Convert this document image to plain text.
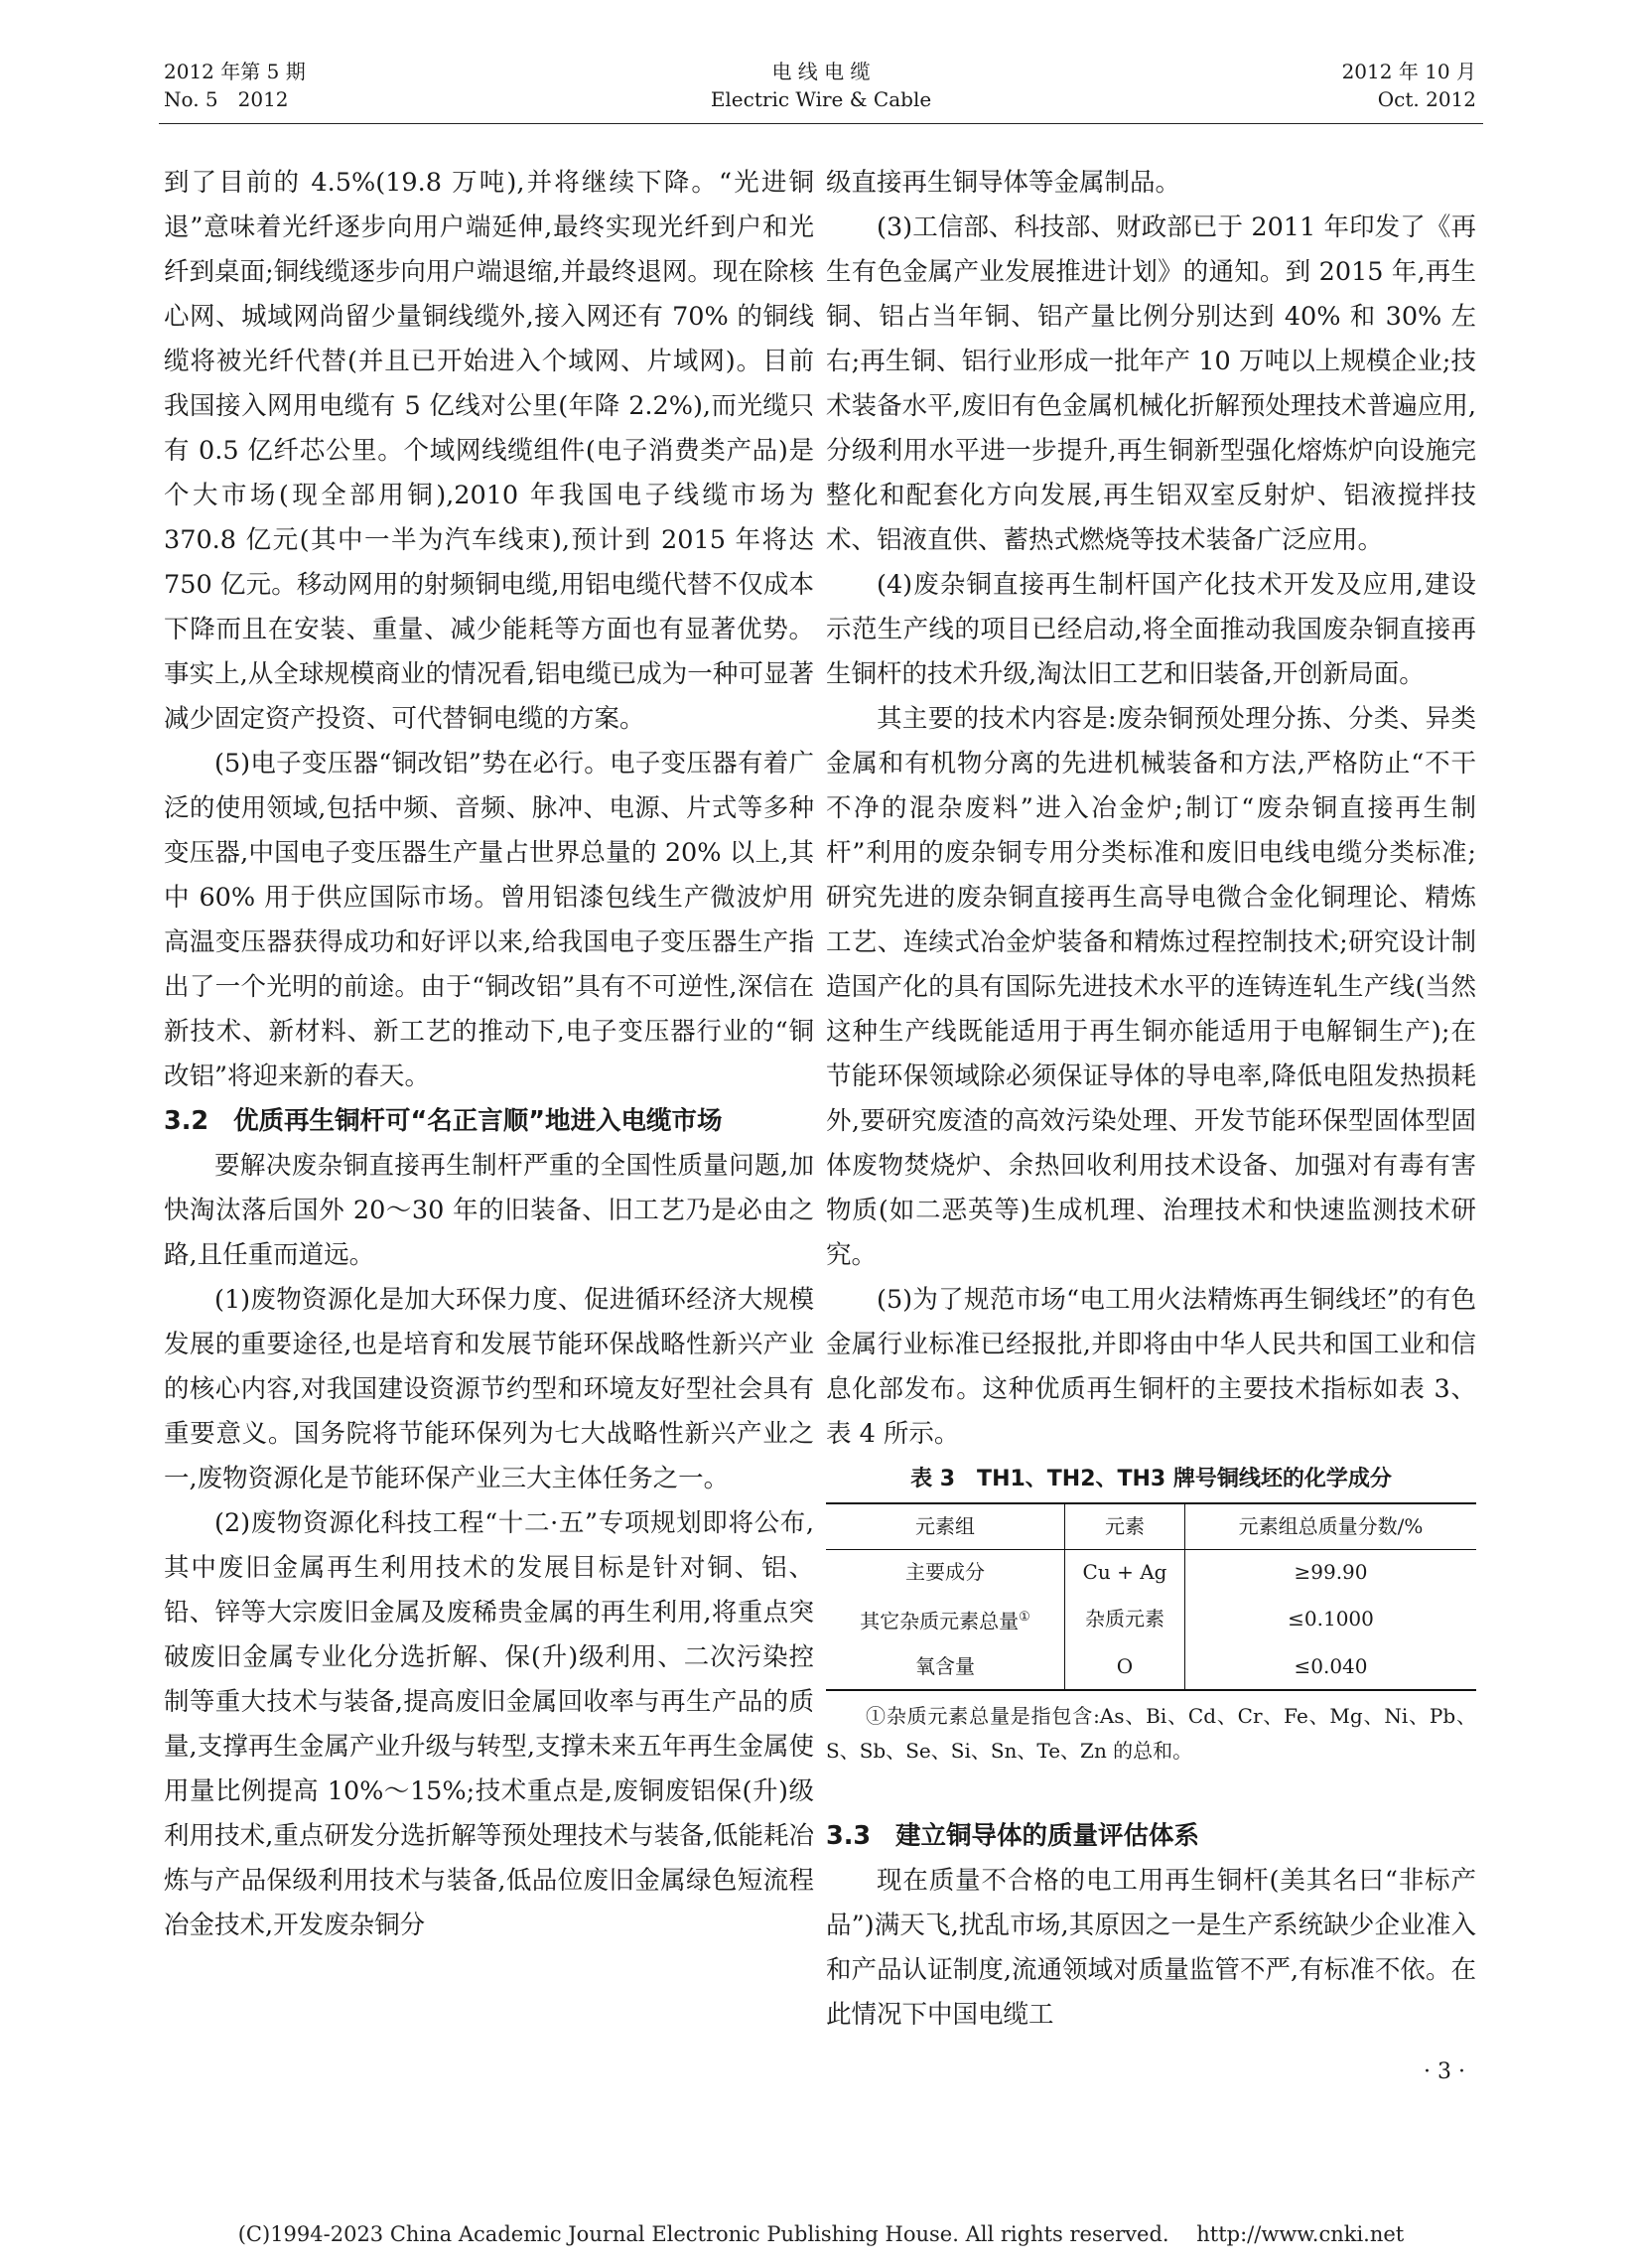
2012 年第 5 期
No. 5　2012
电 线 电 缆
Electric Wire & Cable
2012 年 10 月
Oct. 2012

到了目前的 4.5%(19.8 万吨),并将继续下降。“光进铜退”意味着光纤逐步向用户端延伸,最终实现光纤到户和光纤到桌面;铜线缆逐步向用户端退缩,并最终退网。现在除核心网、城域网尚留少量铜线缆外,接入网还有 70% 的铜线缆将被光纤代替(并且已开始进入个域网、片域网)。目前我国接入网用电缆有 5 亿线对公里(年降 2.2%),而光缆只有 0.5 亿纤芯公里。个域网线缆组件(电子消费类产品)是个大市场(现全部用铜),2010 年我国电子线缆市场为 370.8 亿元(其中一半为汽车线束),预计到 2015 年将达 750 亿元。移动网用的射频铜电缆,用铝电缆代替不仅成本下降而且在安装、重量、减少能耗等方面也有显著优势。事实上,从全球规模商业的情况看,铝电缆已成为一种可显著减少固定资产投资、可代替铜电缆的方案。

(5)电子变压器“铜改铝”势在必行。电子变压器有着广泛的使用领域,包括中频、音频、脉冲、电源、片式等多种变压器,中国电子变压器生产量占世界总量的 20% 以上,其中 60% 用于供应国际市场。曾用铝漆包线生产微波炉用高温变压器获得成功和好评以来,给我国电子变压器生产指出了一个光明的前途。由于“铜改铝”具有不可逆性,深信在新技术、新材料、新工艺的推动下,电子变压器行业的“铜改铝”将迎来新的春天。

3.2 优质再生铜杆可“名正言顺”地进入电缆市场

要解决废杂铜直接再生制杆严重的全国性质量问题,加快淘汰落后国外 20～30 年的旧装备、旧工艺乃是必由之路,且任重而道远。

(1)废物资源化是加大环保力度、促进循环经济大规模发展的重要途径,也是培育和发展节能环保战略性新兴产业的核心内容,对我国建设资源节约型和环境友好型社会具有重要意义。国务院将节能环保列为七大战略性新兴产业之一,废物资源化是节能环保产业三大主体任务之一。

(2)废物资源化科技工程“十二·五”专项规划即将公布,其中废旧金属再生利用技术的发展目标是针对铜、铝、铅、锌等大宗废旧金属及废稀贵金属的再生利用,将重点突破废旧金属专业化分选折解、保(升)级利用、二次污染控制等重大技术与装备,提高废旧金属回收率与再生产品的质量,支撑再生金属产业升级与转型,支撑未来五年再生金属使用量比例提高 10%～15%;技术重点是,废铜废铝保(升)级利用技术,重点研发分选折解等预处理技术与装备,低能耗冶炼与产品保级利用技术与装备,低品位废旧金属绿色短流程冶金技术,开发废杂铜分

级直接再生铜导体等金属制品。

(3)工信部、科技部、财政部已于 2011 年印发了《再生有色金属产业发展推进计划》的通知。到 2015 年,再生铜、铝占当年铜、铝产量比例分别达到 40% 和 30% 左右;再生铜、铝行业形成一批年产 10 万吨以上规模企业;技术装备水平,废旧有色金属机械化折解预处理技术普遍应用,分级利用水平进一步提升,再生铜新型强化熔炼炉向设施完整化和配套化方向发展,再生铝双室反射炉、铝液搅拌技术、铝液直供、蓄热式燃烧等技术装备广泛应用。

(4)废杂铜直接再生制杆国产化技术开发及应用,建设示范生产线的项目已经启动,将全面推动我国废杂铜直接再生铜杆的技术升级,淘汰旧工艺和旧装备,开创新局面。

其主要的技术内容是:废杂铜预处理分拣、分类、异类金属和有机物分离的先进机械装备和方法,严格防止“不干不净的混杂废料”进入冶金炉;制订“废杂铜直接再生制杆”利用的废杂铜专用分类标准和废旧电线电缆分类标准;研究先进的废杂铜直接再生高导电微合金化铜理论、精炼工艺、连续式冶金炉装备和精炼过程控制技术;研究设计制造国产化的具有国际先进技术水平的连铸连轧生产线(当然这种生产线既能适用于再生铜亦能适用于电解铜生产);在节能环保领域除必须保证导体的导电率,降低电阻发热损耗外,要研究废渣的高效污染处理、开发节能环保型固体型固体废物焚烧炉、余热回收利用技术设备、加强对有毒有害物质(如二恶英等)生成机理、治理技术和快速监测技术研究。

(5)为了规范市场“电工用火法精炼再生铜线坯”的有色金属行业标准已经报批,并即将由中华人民共和国工业和信息化部发布。这种优质再生铜杆的主要技术指标如表 3、表 4 所示。

表 3　TH1、TH2、TH3 牌号铜线坯的化学成分
元素组	元素	元素组总质量分数/%
主要成分	Cu + Ag	≥99.90
其它杂质元素总量①	杂质元素	≤0.1000
氧含量	O	≤0.040

①杂质元素总量是指包含:As、Bi、Cd、Cr、Fe、Mg、Ni、Pb、S、Sb、Se、Si、Sn、Te、Zn 的总和。

3.3 建立铜导体的质量评估体系

现在质量不合格的电工用再生铜杆(美其名曰“非标产品”)满天飞,扰乱市场,其原因之一是生产系统缺少企业准入和产品认证制度,流通领域对质量监管不严,有标准不依。在此情况下中国电缆工

· 3 ·
(C)1994-2023 China Academic Journal Electronic Publishing House. All rights reserved.　 http://www.cnki.net
